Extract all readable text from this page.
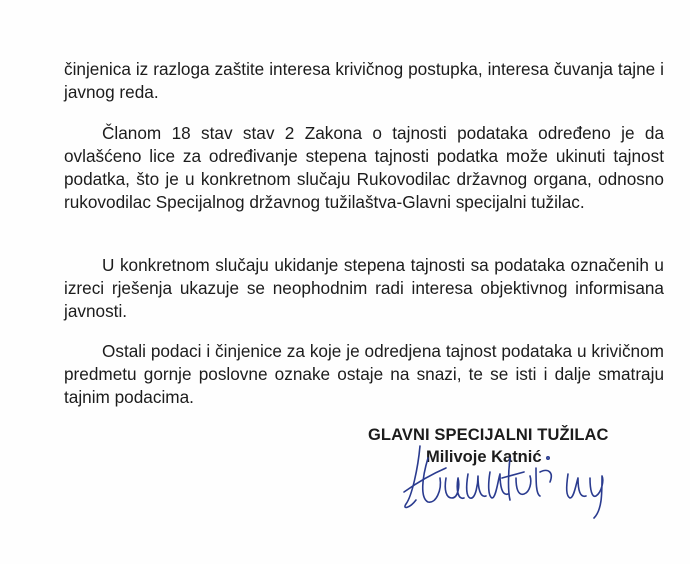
činjenica iz razloga zaštite interesa krivičnog postupka, interesa čuvanja tajne i javnog reda.

Članom 18 stav stav 2 Zakona o tajnosti podataka određeno je da ovlašćeno lice za određivanje stepena tajnosti podatka može ukinuti tajnost podatka, što je u konkretnom slučaju Rukovodilac državnog organa, odnosno rukovodilac Specijalnog državnog tužilaštva-Glavni specijalni tužilac.

U konkretnom slučaju ukidanje stepena tajnosti sa podataka označenih u izreci rješenja ukazuje se neophodnim radi interesa objektivnog informisana javnosti.

Ostali podaci i činjenice za koje je odredjena tajnost podataka u krivičnom predmetu gornje poslovne oznake ostaje na snazi, te se isti i dalje smatraju tajnim podacima.

GLAVNI SPECIJALNI TUŽILAC
Milivoje Katnić
